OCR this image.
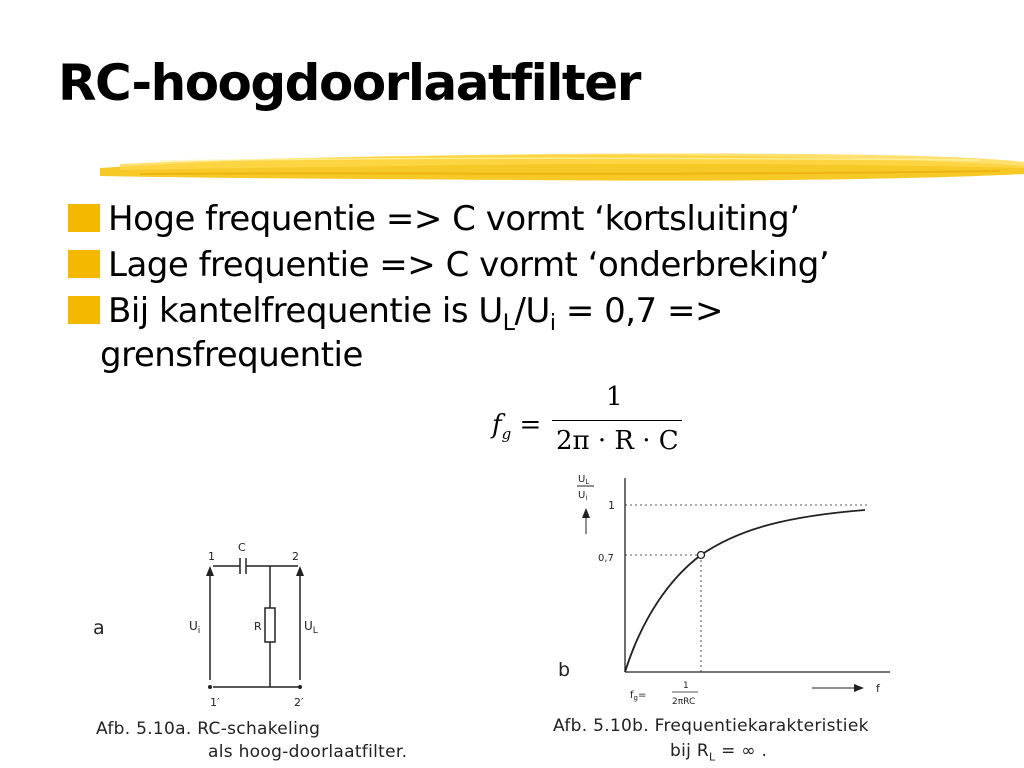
RC-hoogdoorlaatfilter
Hoge frequentie => C vormt ‘kortsluiting’
Lage frequentie => C vormt ‘onderbreking’
Bij kantelfrequentie is $U_L/U_i = 0,7$ =>
grensfrequentie
$f_g$ =
1
2π · R · C
a
1	2
C
R
1′	2′
$U_i$	$U_L$
Afb. 5.10a. RC-schakeling
als hoog-doorlaatfilter.
$U_L$
$U_i$
1
0,7
b
f
$f_g=$
1
2πRC
Afb. 5.10b. Frequentiekarakteristiek
bij $R_L$ = ∞ .
